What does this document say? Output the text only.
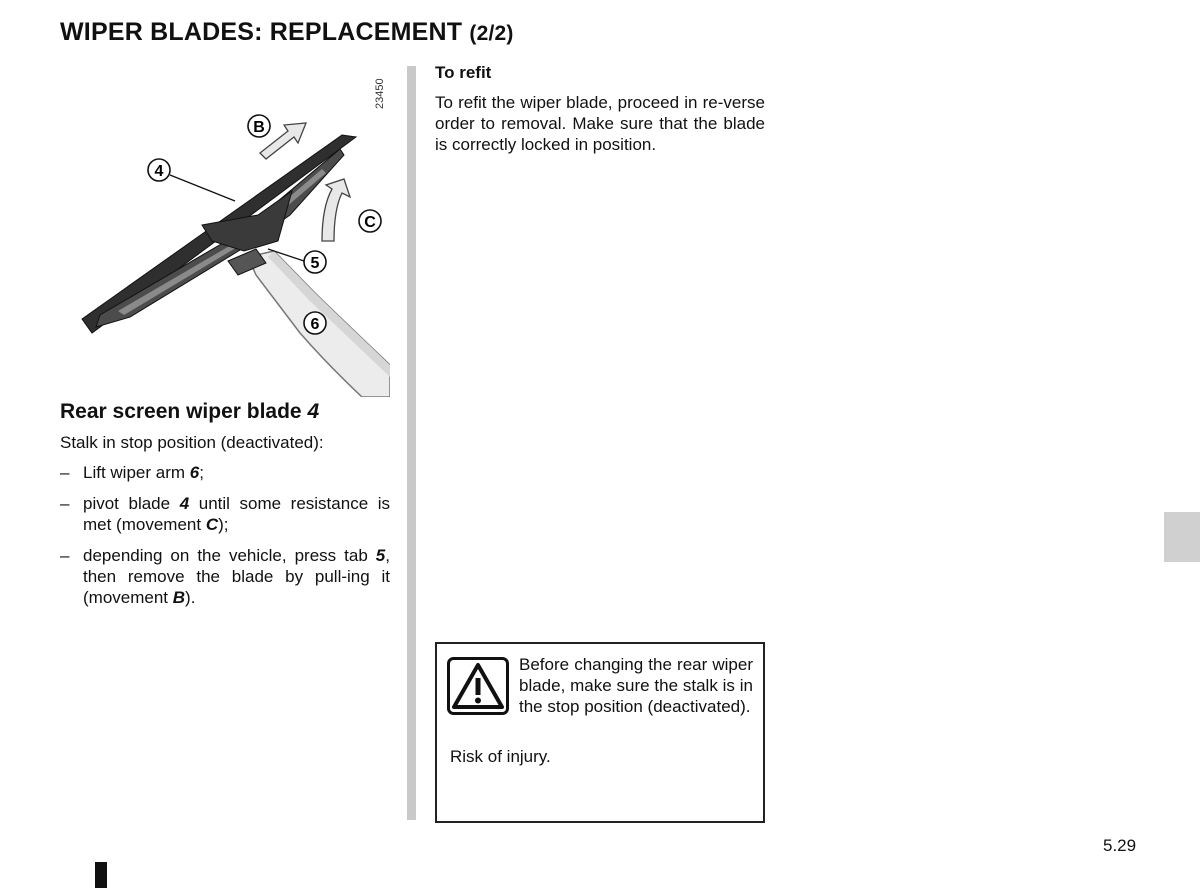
WIPER BLADES: REPLACEMENT (2/2)
23450
B
4
C
5
6
Rear screen wiper blade 4

Stalk in stop position (deactivated):

– Lift wiper arm 6;
– pivot blade 4 until some resistance is met (movement C);
– depending on the vehicle, press tab 5, then remove the blade by pull-ing it (movement B).
To refit

To refit the wiper blade, proceed in re-verse order to removal. Make sure that the blade is correctly locked in position.

Before changing the rear wiper blade, make sure the stalk is in the stop position (deactivated).

Risk of injury.

5.29
